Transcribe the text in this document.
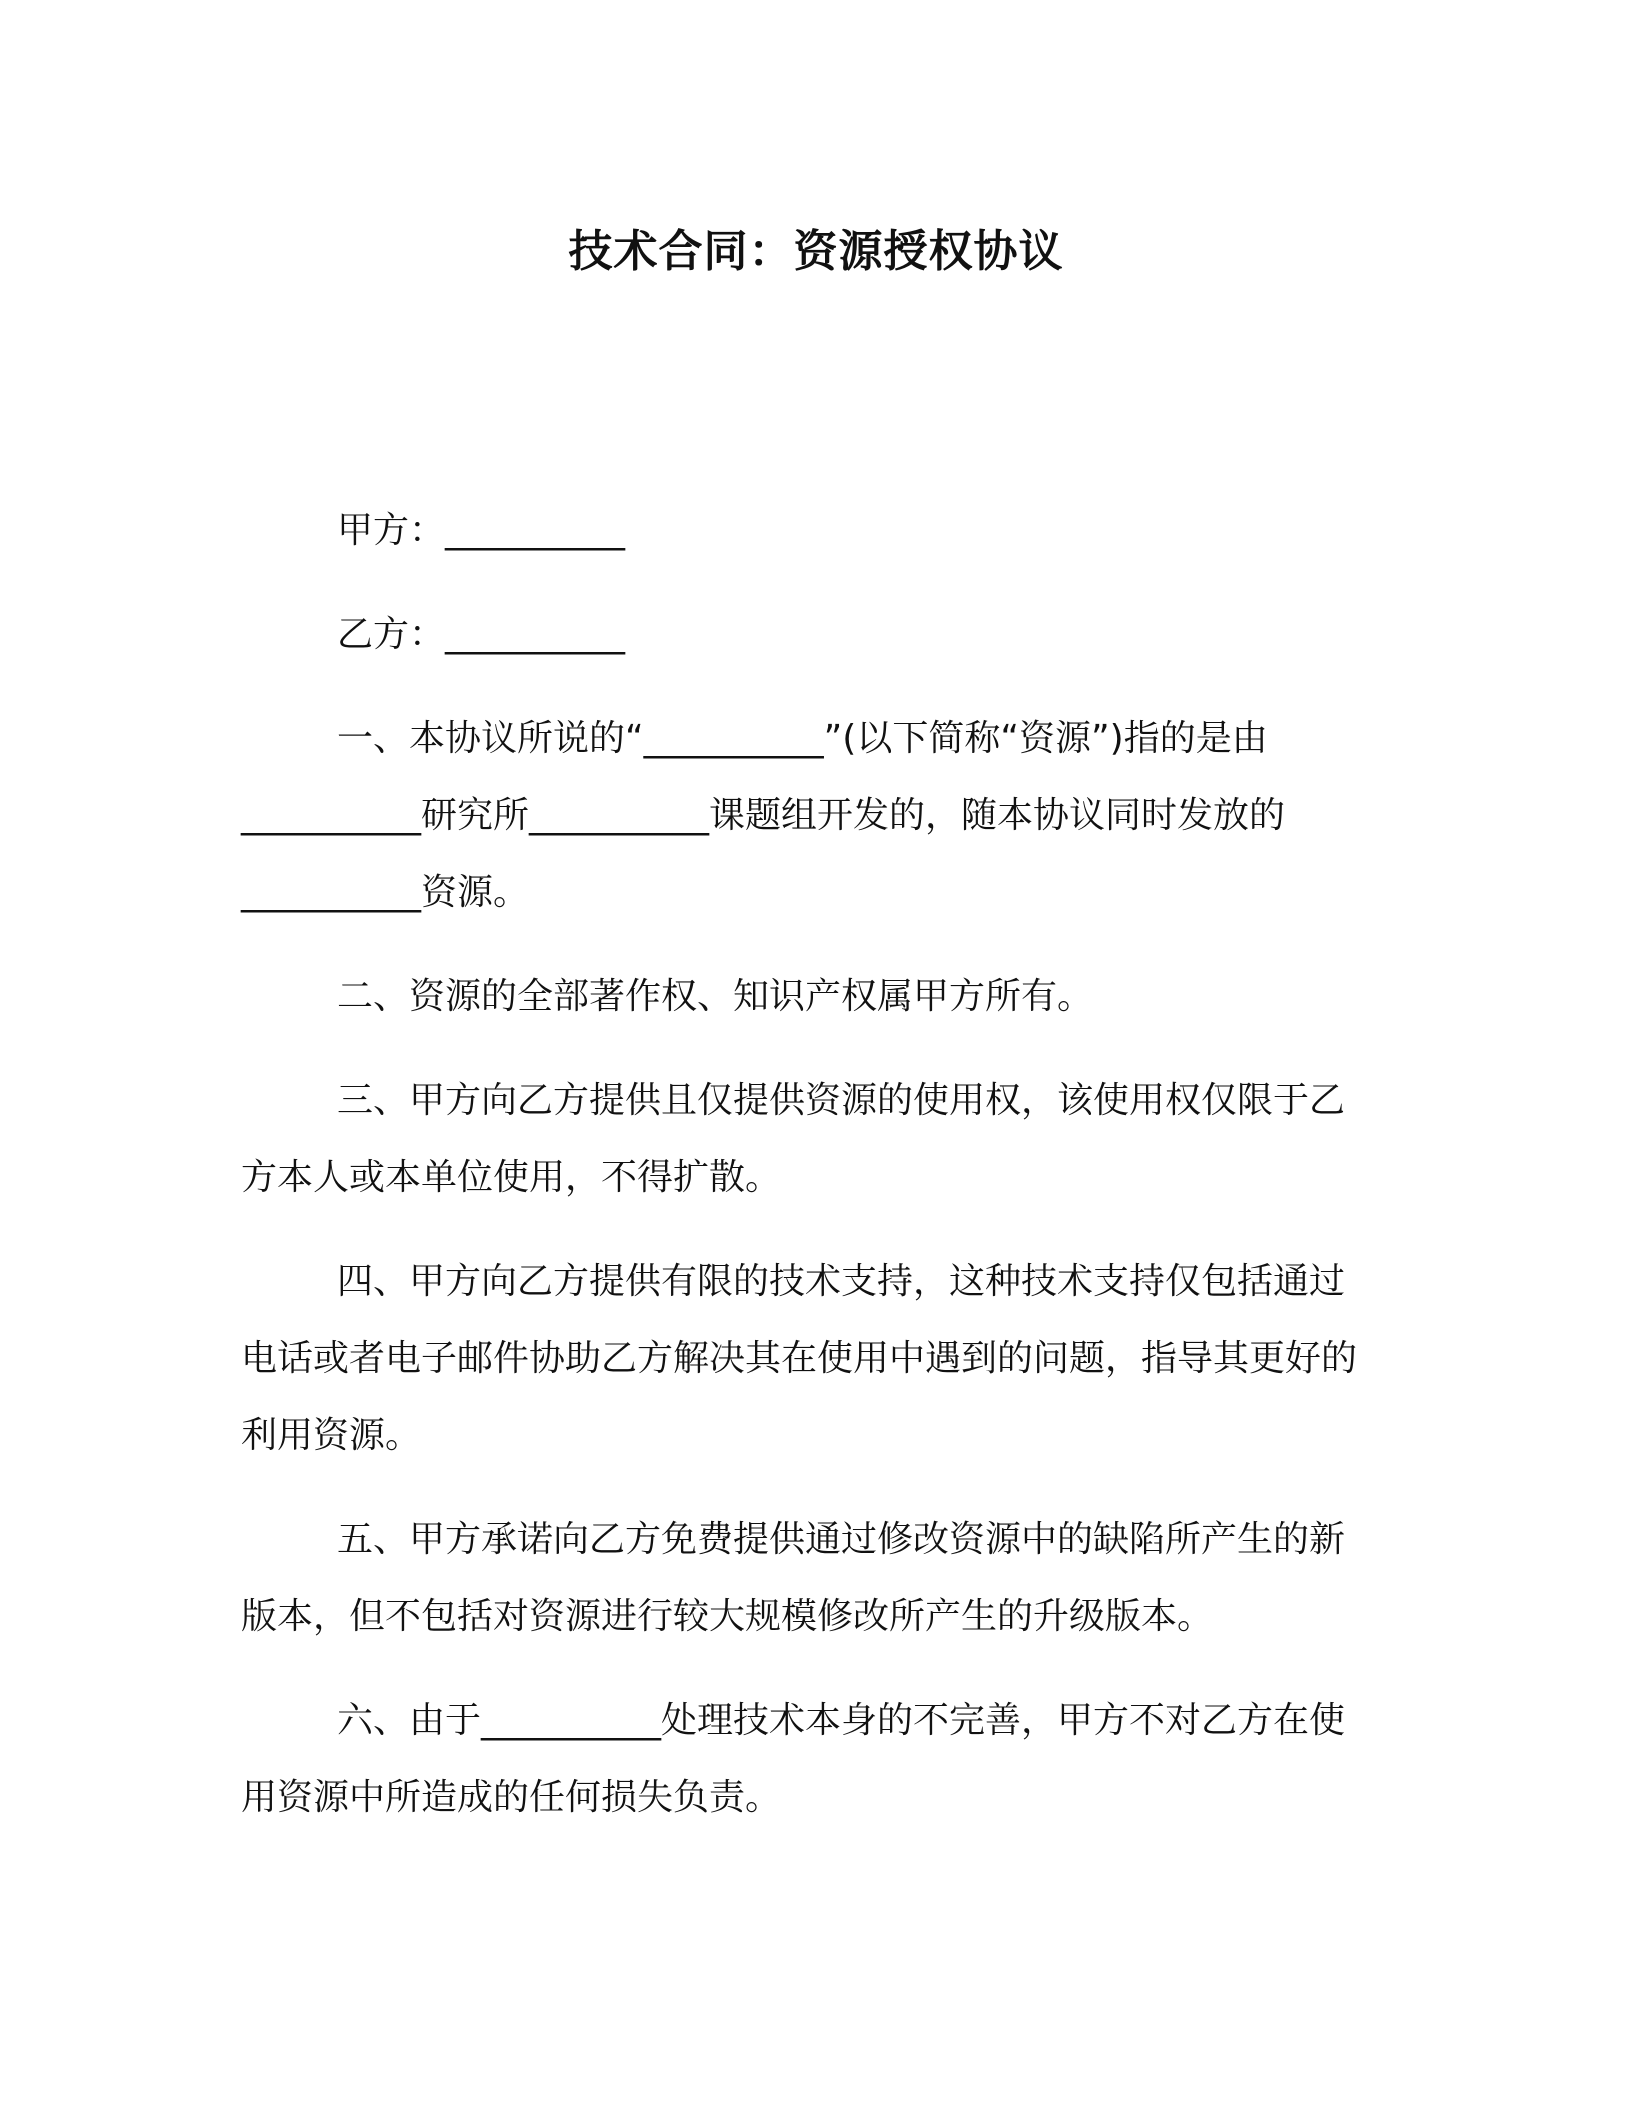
技术合同：资源授权协议

甲方：__________

乙方：__________

一、本协议所说的“__________”(以下简称“资源”)指的是由__________研究所__________课题组开发的，随本协议同时发放的__________资源。

二、资源的全部著作权、知识产权属甲方所有。

三、甲方向乙方提供且仅提供资源的使用权，该使用权仅限于乙方本人或本单位使用，不得扩散。

四、甲方向乙方提供有限的技术支持，这种技术支持仅包括通过电话或者电子邮件协助乙方解决其在使用中遇到的问题，指导其更好的利用资源。

五、甲方承诺向乙方免费提供通过修改资源中的缺陷所产生的新版本，但不包括对资源进行较大规模修改所产生的升级版本。

六、由于__________处理技术本身的不完善，甲方不对乙方在使用资源中所造成的任何损失负责。
